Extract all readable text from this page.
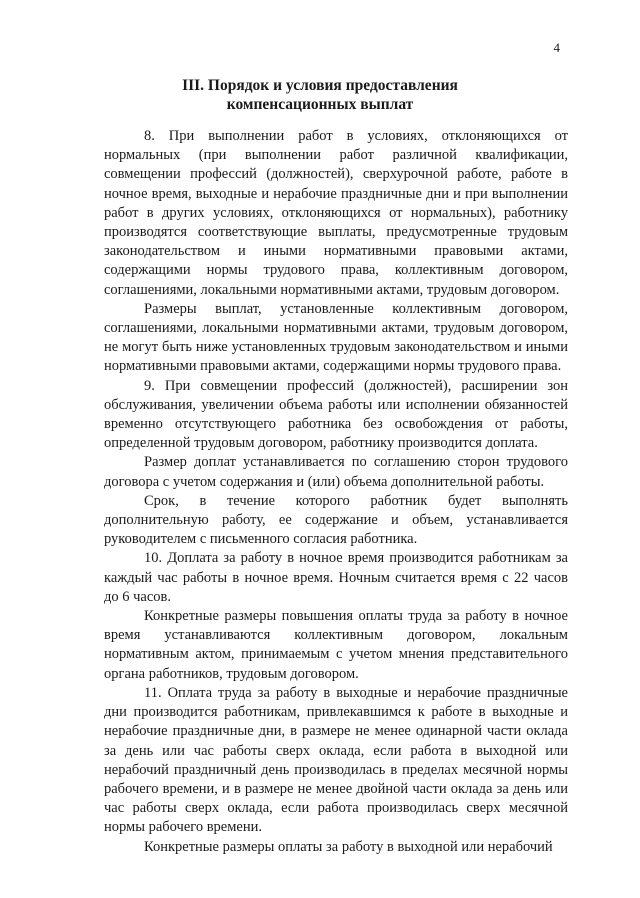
4
III. Порядок и условия предоставления
компенсационных выплат

8. При выполнении работ в условиях, отклоняющихся от нормальных (при выполнении работ различной квалификации, совмещении профессий (должностей), сверхурочной работе, работе в ночное время, выходные и нерабочие праздничные дни и при выполнении работ в других условиях, отклоняющихся от нормальных), работнику производятся соответствующие выплаты, предусмотренные трудовым законодательством и иными нормативными правовыми актами, содержащими нормы трудового права, коллективным договором, соглашениями, локальными нормативными актами, трудовым договором.

Размеры выплат, установленные коллективным договором, соглашениями, локальными нормативными актами, трудовым договором, не могут быть ниже установленных трудовым законодательством и иными нормативными правовыми актами, содержащими нормы трудового права.

9. При совмещении профессий (должностей), расширении зон обслуживания, увеличении объема работы или исполнении обязанностей временно отсутствующего работника без освобождения от работы, определенной трудовым договором, работнику производится доплата.

Размер доплат устанавливается по соглашению сторон трудового договора с учетом содержания и (или) объема дополнительной работы.

Срок, в течение которого работник будет выполнять дополнительную работу, ее содержание и объем, устанавливается руководителем с письменного согласия работника.

10. Доплата за работу в ночное время производится работникам за каждый час работы в ночное время. Ночным считается время с 22 часов до 6 часов.

Конкретные размеры повышения оплаты труда за работу в ночное время устанавливаются коллективным договором, локальным нормативным актом, принимаемым с учетом мнения представительного органа работников, трудовым договором.

11. Оплата труда за работу в выходные и нерабочие праздничные дни производится работникам, привлекавшимся к работе в выходные и нерабочие праздничные дни, в размере не менее одинарной части оклада за день или час работы сверх оклада, если работа в выходной или нерабочий праздничный день производилась в пределах месячной нормы рабочего времени, и в размере не менее двойной части оклада за день или час работы сверх оклада, если работа производилась сверх месячной нормы рабочего времени.

Конкретные размеры оплаты за работу в выходной или нерабочий
